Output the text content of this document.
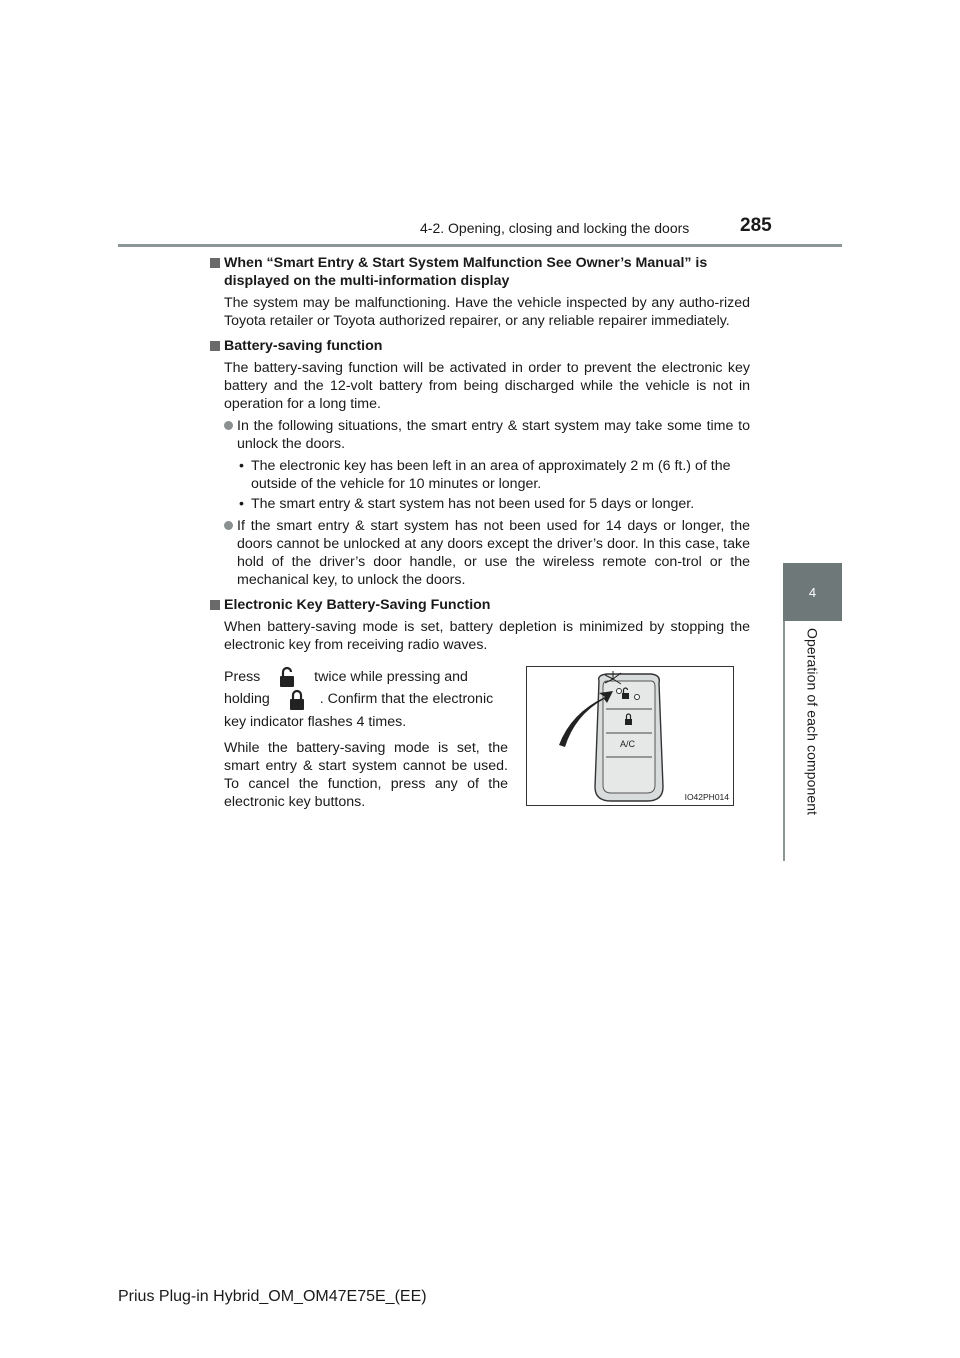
4-2. Opening, closing and locking the doors	285
4
Operation of each component
When “Smart Entry & Start System Malfunction See Owner’s Manual” is displayed on the multi-information display
The system may be malfunctioning. Have the vehicle inspected by any autho-rized Toyota retailer or Toyota authorized repairer, or any reliable repairer immediately.
Battery-saving function
The battery-saving function will be activated in order to prevent the electronic key battery and the 12-volt battery from being discharged while the vehicle is not in operation for a long time.
In the following situations, the smart entry & start system may take some time to unlock the doors.
• The electronic key has been left in an area of approximately 2 m (6 ft.) of the outside of the vehicle for 10 minutes or longer.
• The smart entry & start system has not been used for 5 days or longer.
If the smart entry & start system has not been used for 14 days or longer, the doors cannot be unlocked at any doors except the driver’s door. In this case, take hold of the driver’s door handle, or use the wireless remote con-trol or the mechanical key, to unlock the doors.
Electronic Key Battery-Saving Function
When battery-saving mode is set, battery depletion is minimized by stopping the electronic key from receiving radio waves.
Press	twice while pressing and
holding	. Confirm that the electronic key indicator flashes 4 times.
While the battery-saving mode is set, the smart entry & start system cannot be used. To cancel the function, press any of the electronic key buttons.
A/C
IO42PH014
Prius Plug-in Hybrid_OM_OM47E75E_(EE)
